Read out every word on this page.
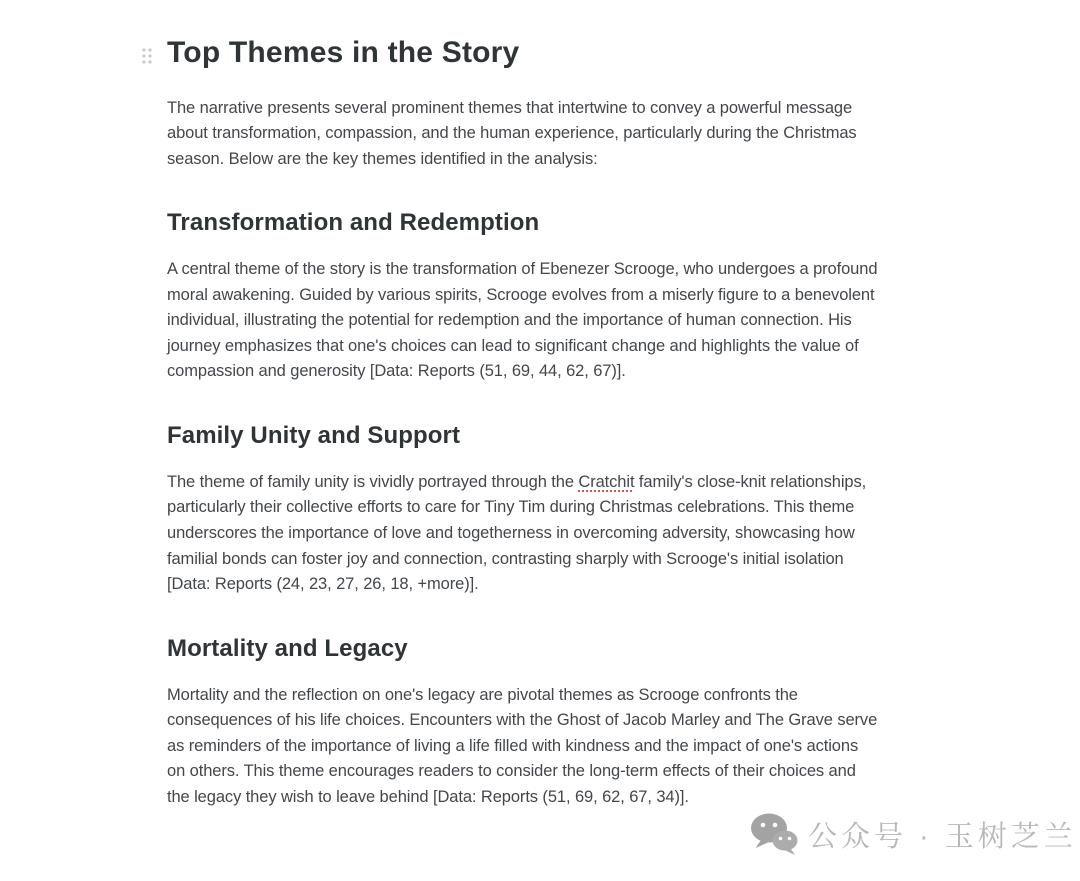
Top Themes in the Story

The narrative presents several prominent themes that intertwine to convey a powerful message about transformation, compassion, and the human experience, particularly during the Christmas season. Below are the key themes identified in the analysis:

Transformation and Redemption

A central theme of the story is the transformation of Ebenezer Scrooge, who undergoes a profound moral awakening. Guided by various spirits, Scrooge evolves from a miserly figure to a benevolent individual, illustrating the potential for redemption and the importance of human connection. His journey emphasizes that one's choices can lead to significant change and highlights the value of compassion and generosity [Data: Reports (51, 69, 44, 62, 67)].

Family Unity and Support

The theme of family unity is vividly portrayed through the Cratchit family's close-knit relationships, particularly their collective efforts to care for Tiny Tim during Christmas celebrations. This theme underscores the importance of love and togetherness in overcoming adversity, showcasing how familial bonds can foster joy and connection, contrasting sharply with Scrooge's initial isolation [Data: Reports (24, 23, 27, 26, 18, +more)].

Mortality and Legacy

Mortality and the reflection on one's legacy are pivotal themes as Scrooge confronts the consequences of his life choices. Encounters with the Ghost of Jacob Marley and The Grave serve as reminders of the importance of living a life filled with kindness and the impact of one's actions on others. This theme encourages readers to consider the long-term effects of their choices and the legacy they wish to leave behind [Data: Reports (51, 69, 62, 67, 34)].

公众号 · 玉树芝兰
